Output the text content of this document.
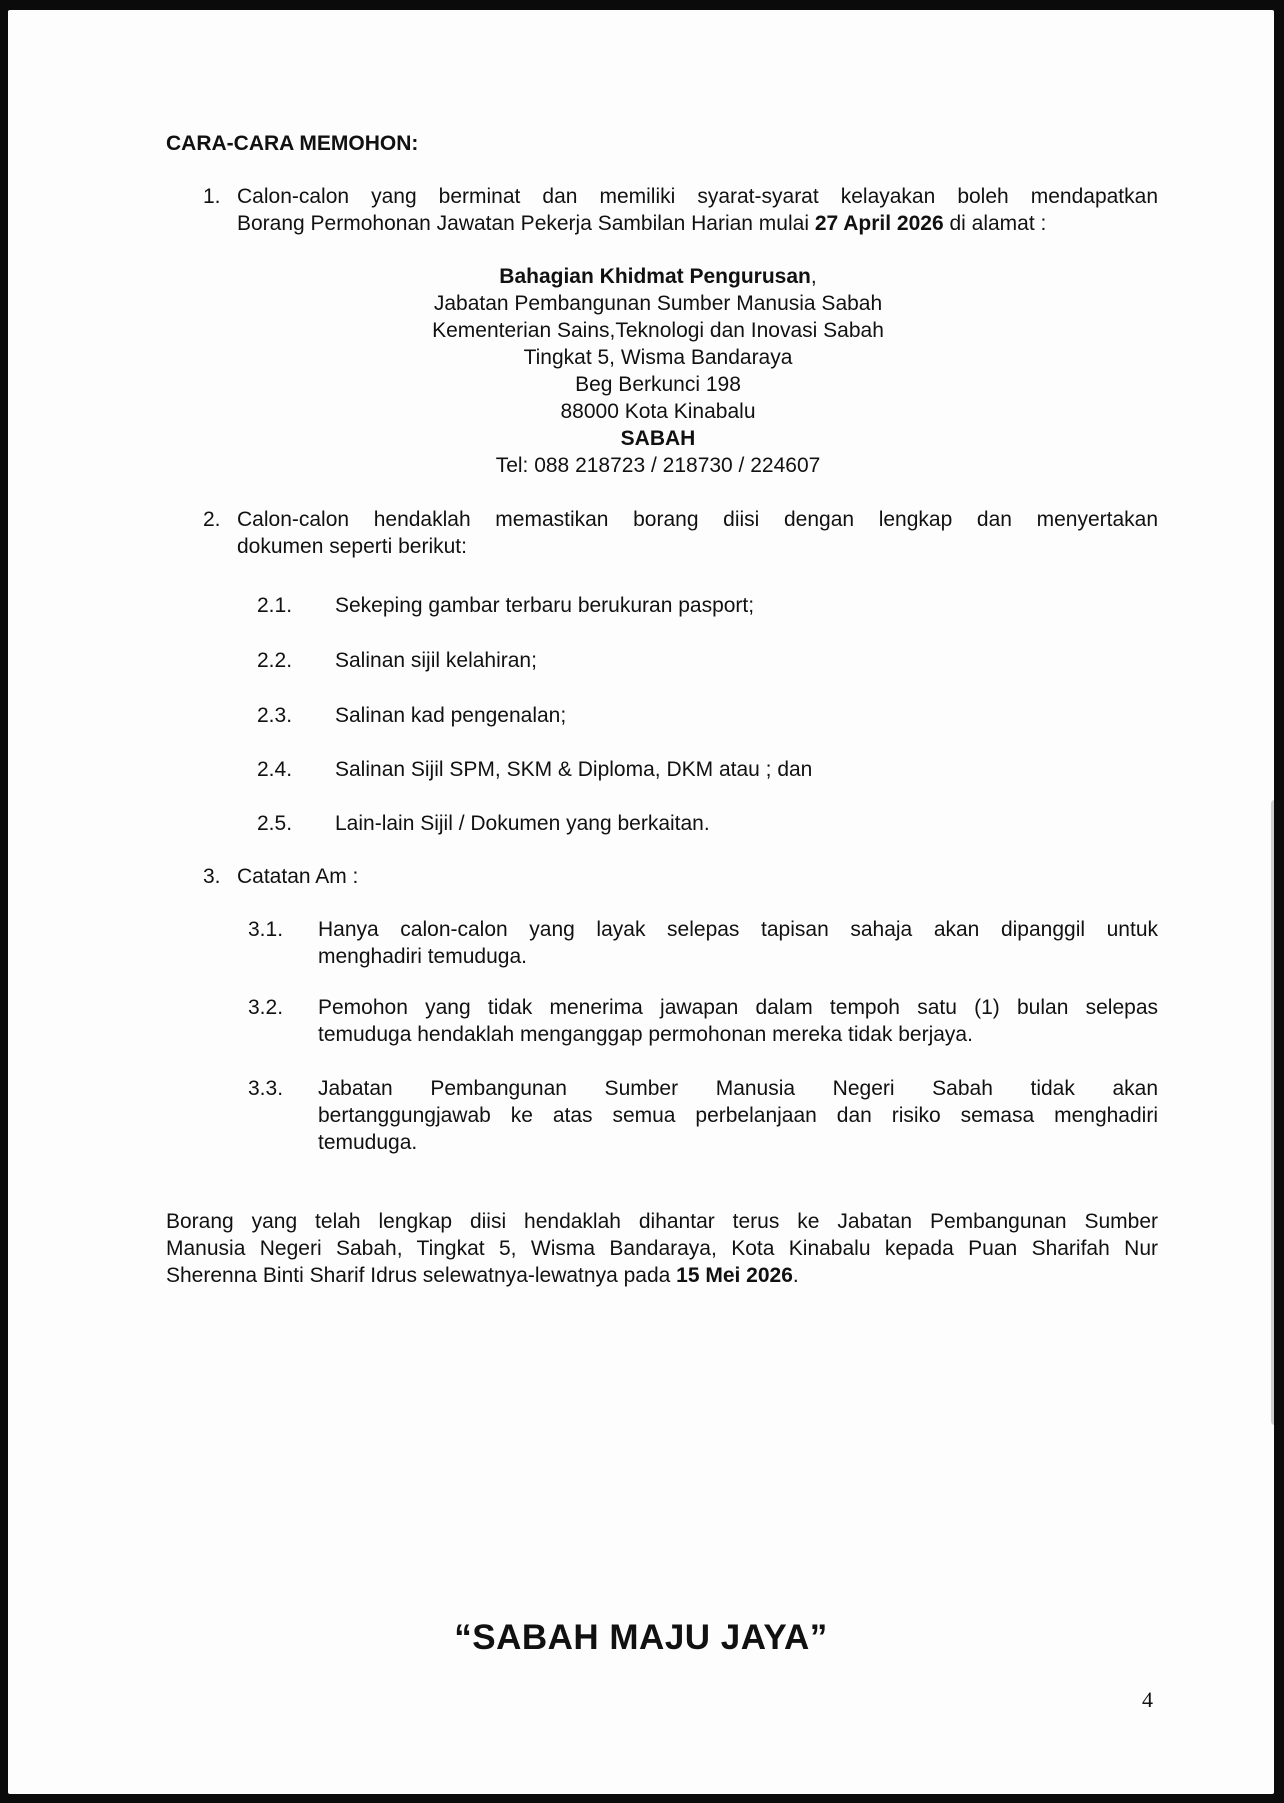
CARA-CARA MEMOHON:
1. Calon-calon yang berminat dan memiliki syarat-syarat kelayakan boleh mendapatkan
Borang Permohonan Jawatan Pekerja Sambilan Harian mulai 27 April 2026 di alamat :
Bahagian Khidmat Pengurusan,
Jabatan Pembangunan Sumber Manusia Sabah
Kementerian Sains,Teknologi dan Inovasi Sabah
Tingkat 5, Wisma Bandaraya
Beg Berkunci 198
88000 Kota Kinabalu
SABAH
Tel: 088 218723 / 218730 / 224607
2. Calon-calon hendaklah memastikan borang diisi dengan lengkap dan menyertakan
dokumen seperti berikut:
2.1. Sekeping gambar terbaru berukuran pasport;
2.2. Salinan sijil kelahiran;
2.3. Salinan kad pengenalan;
2.4. Salinan Sijil SPM, SKM & Diploma, DKM atau ; dan
2.5. Lain-lain Sijil / Dokumen yang berkaitan.
3. Catatan Am :
3.1. Hanya calon-calon yang layak selepas tapisan sahaja akan dipanggil untuk
menghadiri temuduga.
3.2. Pemohon yang tidak menerima jawapan dalam tempoh satu (1) bulan selepas
temuduga hendaklah menganggap permohonan mereka tidak berjaya.
3.3. Jabatan Pembangunan Sumber Manusia Negeri Sabah tidak akan
bertanggungjawab ke atas semua perbelanjaan dan risiko semasa menghadiri
temuduga.
Borang yang telah lengkap diisi hendaklah dihantar terus ke Jabatan Pembangunan Sumber
Manusia Negeri Sabah, Tingkat 5, Wisma Bandaraya, Kota Kinabalu kepada Puan Sharifah Nur
Sherenna Binti Sharif Idrus selewatnya-lewatnya pada 15 Mei 2026.
“SABAH MAJU JAYA”
4
